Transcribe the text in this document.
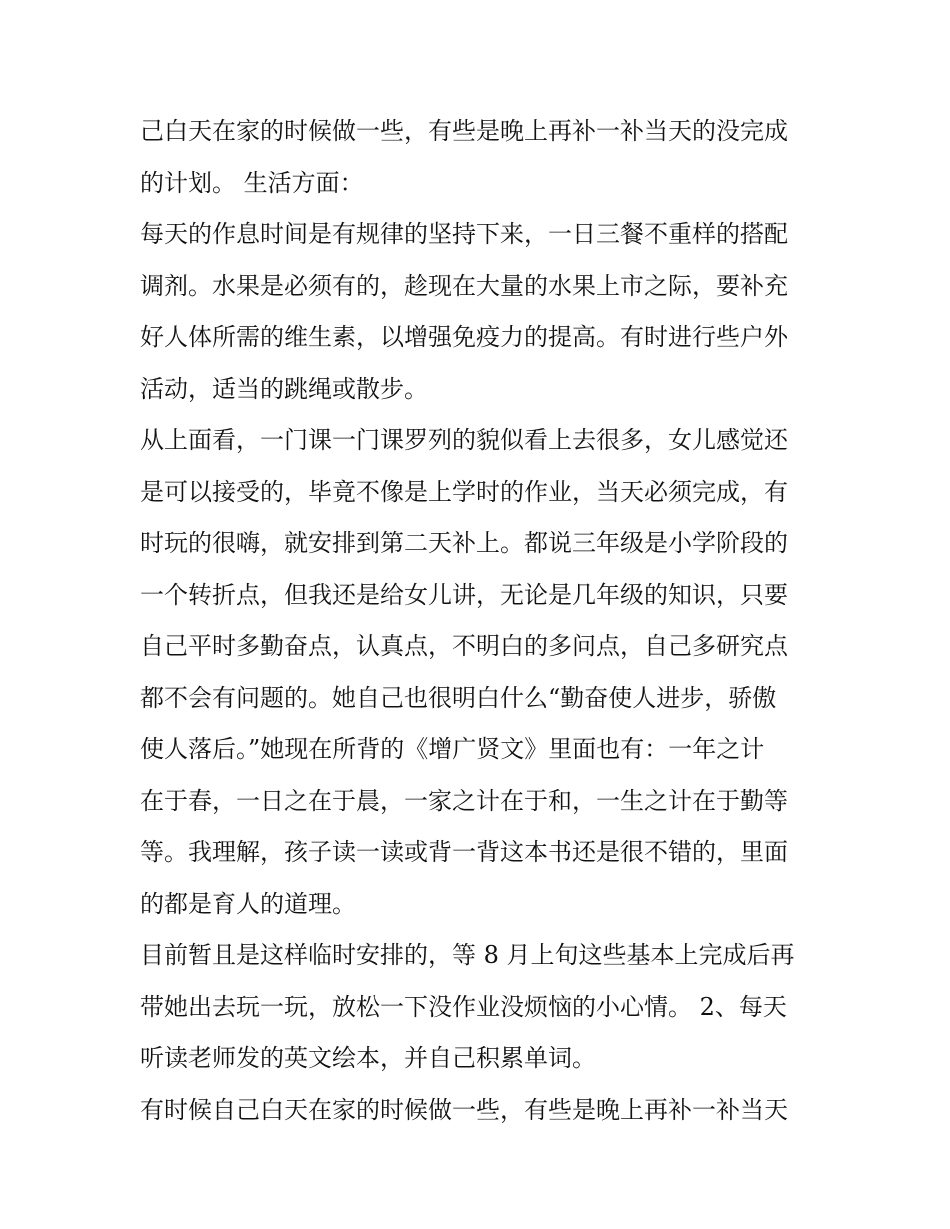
己白天在家的时候做一些，有些是晚上再补一补当天的没完成
的计划。 生活方面：
每天的作息时间是有规律的坚持下来，一日三餐不重样的搭配
调剂。水果是必须有的，趁现在大量的水果上市之际，要补充
好人体所需的维生素，以增强免疫力的提高。有时进行些户外
活动，适当的跳绳或散步。
从上面看，一门课一门课罗列的貌似看上去很多，女儿感觉还
是可以接受的，毕竟不像是上学时的作业，当天必须完成，有
时玩的很嗨，就安排到第二天补上。都说三年级是小学阶段的
一个转折点，但我还是给女儿讲，无论是几年级的知识，只要
自己平时多勤奋点，认真点，不明白的多问点，自己多研究点
都不会有问题的。她自己也很明白什么“勤奋使人进步，骄傲
使人落后。”她现在所背的《增广贤文》里面也有：一年之计
在于春，一日之在于晨，一家之计在于和，一生之计在于勤等
等。我理解，孩子读一读或背一背这本书还是很不错的，里面
的都是育人的道理。
目前暂且是这样临时安排的，等 8 月上旬这些基本上完成后再
带她出去玩一玩，放松一下没作业没烦恼的小心情。 2、每天
听读老师发的英文绘本，并自己积累单词。
有时候自己白天在家的时候做一些，有些是晚上再补一补当天
